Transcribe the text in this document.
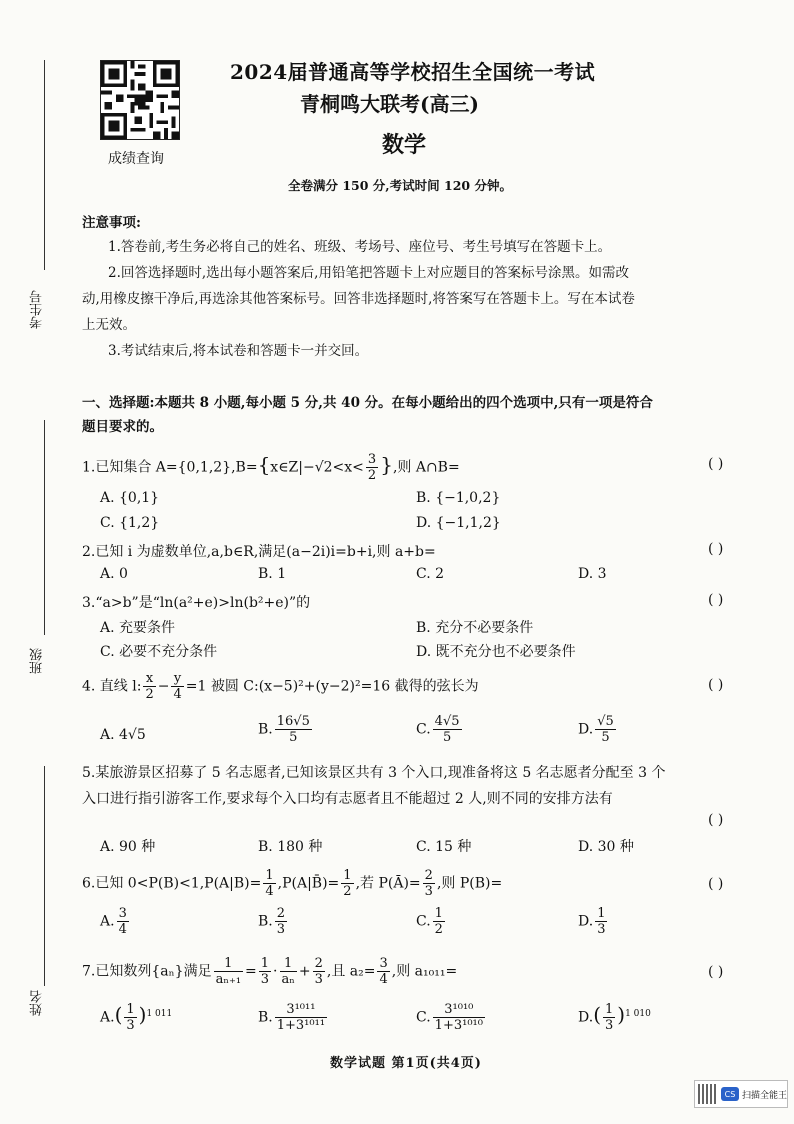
考生号
班级
姓名
成绩查询
2024届普通高等学校招生全国统一考试
青桐鸣大联考(高三)
数学
全卷满分 150 分,考试时间 120 分钟。
注意事项:
1.答卷前,考生务必将自己的姓名、班级、考场号、座位号、考生号填写在答题卡上。
2.回答选择题时,选出每小题答案后,用铅笔把答题卡上对应题目的答案标号涂黑。如需改
动,用橡皮擦干净后,再选涂其他答案标号。回答非选择题时,将答案写在答题卡上。写在本试卷
上无效。
3.考试结束后,将本试卷和答题卡一并交回。
一、选择题:本题共 8 小题,每小题 5 分,共 40 分。在每小题给出的四个选项中,只有一项是符合
题目要求的。
1.已知集合 A={0,1,2},B={x∈Z|−√2<x< $\frac{3}{2}$ },则 A∩B=	( )
A. {0,1}	B. {−1,0,2}
C. {1,2}	D. {−1,1,2}
2.已知 i 为虚数单位,a,b∈R,满足(a−2i)i=b+i,则 a+b=	( )
A. 0	B. 1	C. 2	D. 3
3.“a>b”是“ln(a²+e)>ln(b²+e)”的	( )
A. 充要条件	B. 充分不必要条件
C. 必要不充分条件	D. 既不充分也不必要条件
4. 直线 l: $\frac{x}{2} - \frac{y}{4} =1$ 被圆 C:(x−5)²+(y−2)²=16 截得的弦长为	( )
A. 4√5	B. $\frac{16√5}{5}$	C. $\frac{4√5}{5}$	D. $\frac{√5}{5}$
5.某旅游景区招募了 5 名志愿者,已知该景区共有 3 个入口,现准备将这 5 名志愿者分配至 3 个
入口进行指引游客工作,要求每个入口均有志愿者且不能超过 2 人,则不同的安排方法有
( )
A. 90 种	B. 180 种	C. 15 种	D. 30 种
6.已知 $0<P(B)<1,P(A|B)= \frac{1}{4}$ ,P(A|B̄)= $\frac{1}{2}$ ,若 P(Ā)= $\frac{2}{3}$ ,则 P(B)=	( )
A. $\frac{3}{4}$	B. $\frac{2}{3}$	C. $\frac{1}{2}$	D. $\frac{1}{3}$
7.已知数列{aₙ}满足 $\frac{1}{\text{aₙ₊₁}} = \frac{1}{3} \cdot \frac{1}{\text{aₙ}} + \frac{2}{3}$ ,且 $a_2= \frac{3}{4}$ ,则 a₁₀₁₁=	( )
$A.( \frac{1}{3} )^{1 011}$	B. $\frac{\text{3¹⁰¹¹}}{\text{1+3¹⁰¹¹}}$	C. $\frac{\text{3¹⁰¹⁰}}{\text{1+3¹⁰¹⁰}}$	$D.( \frac{1}{3} )^{1 010}$
数学试题 第1页(共4页)
CS 扫描全能王
